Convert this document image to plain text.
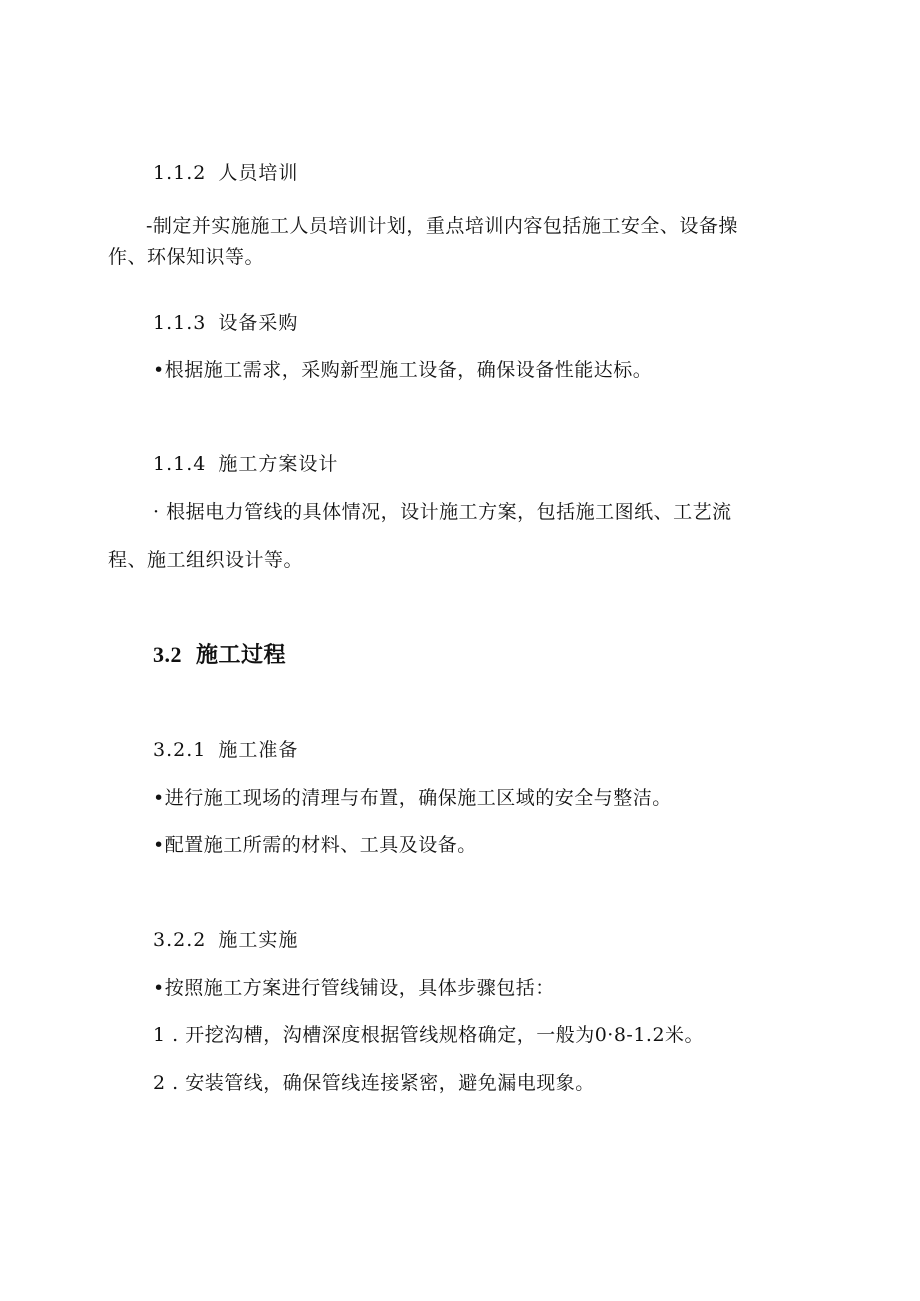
1.1.2 人员培训
-制定并实施施工人员培训计划，重点培训内容包括施工安全、设备操
作、环保知识等。
1.1.3 设备采购
•根据施工需求，采购新型施工设备，确保设备性能达标。
1.1.4 施工方案设计
· 根据电力管线的具体情况，设计施工方案，包括施工图纸、工艺流
程、施工组织设计等。
3.2 施工过程
3.2.1 施工准备
•进行施工现场的清理与布置，确保施工区域的安全与整洁。
•配置施工所需的材料、工具及设备。
3.2.2 施工实施
•按照施工方案进行管线铺设，具体步骤包括：
1 . 开挖沟槽，沟槽深度根据管线规格确定，一般为0·8-1.2米。
2 . 安装管线，确保管线连接紧密，避免漏电现象。
